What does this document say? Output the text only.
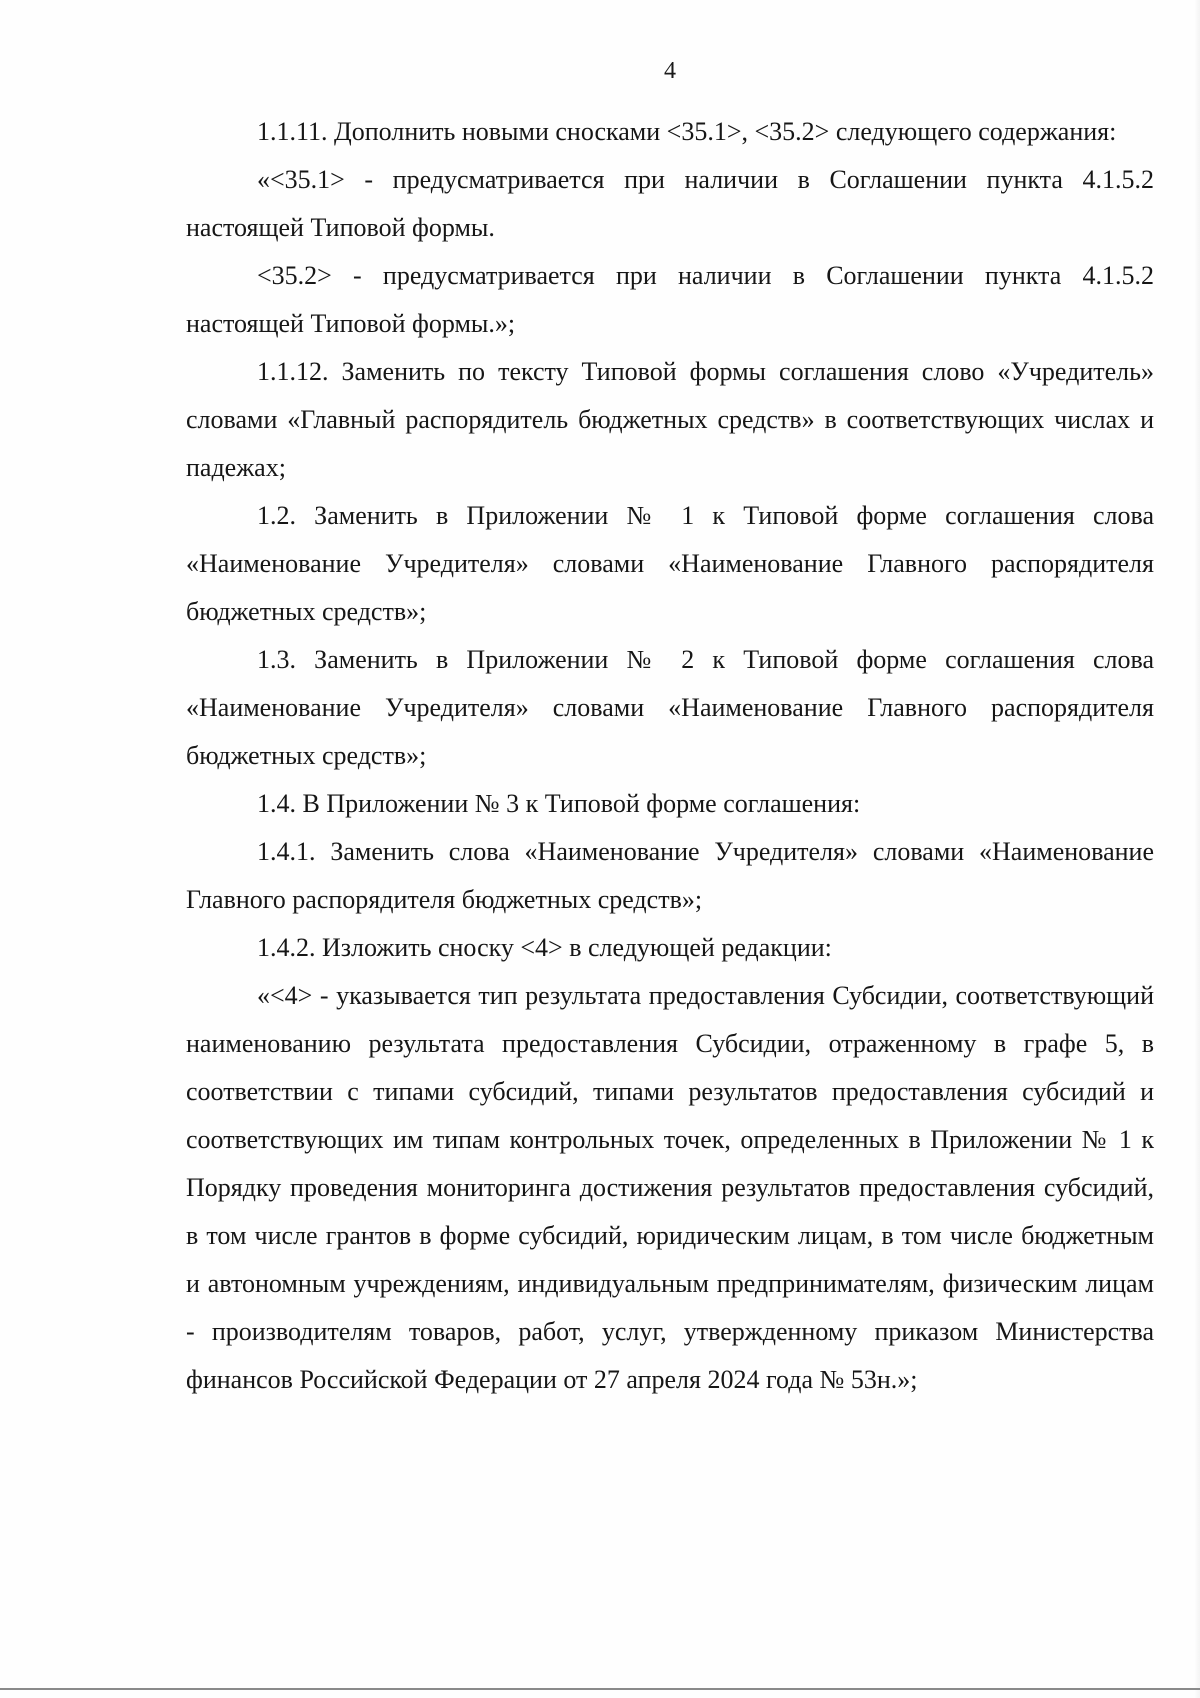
4

1.1.11. Дополнить новыми сносками <35.1>, <35.2> следующего содержания:

«<35.1> - предусматривается при наличии в Соглашении пункта 4.1.5.2 настоящей Типовой формы.

<35.2> - предусматривается при наличии в Соглашении пункта 4.1.5.2 настоящей Типовой формы.»;

1.1.12. Заменить по тексту Типовой формы соглашения слово «Учредитель» словами «Главный распорядитель бюджетных средств» в соответствующих числах и падежах;

1.2. Заменить в Приложении № 1 к Типовой форме соглашения слова «Наименование Учредителя» словами «Наименование Главного распорядителя бюджетных средств»;

1.3. Заменить в Приложении № 2 к Типовой форме соглашения слова «Наименование Учредителя» словами «Наименование Главного распорядителя бюджетных средств»;

1.4. В Приложении № 3 к Типовой форме соглашения:

1.4.1. Заменить слова «Наименование Учредителя» словами «Наименование Главного распорядителя бюджетных средств»;

1.4.2. Изложить сноску <4> в следующей редакции:

«<4> - указывается тип результата предоставления Субсидии, соответствующий наименованию результата предоставления Субсидии, отраженному в графе 5, в соответствии с типами субсидий, типами результатов предоставления субсидий и соответствующих им типам контрольных точек, определенных в Приложении № 1 к Порядку проведения мониторинга достижения результатов предоставления субсидий, в том числе грантов в форме субсидий, юридическим лицам, в том числе бюджетным и автономным учреждениям, индивидуальным предпринимателям, физическим лицам - производителям товаров, работ, услуг, утвержденному приказом Министерства финансов Российской Федерации от 27 апреля 2024 года № 53н.»;
